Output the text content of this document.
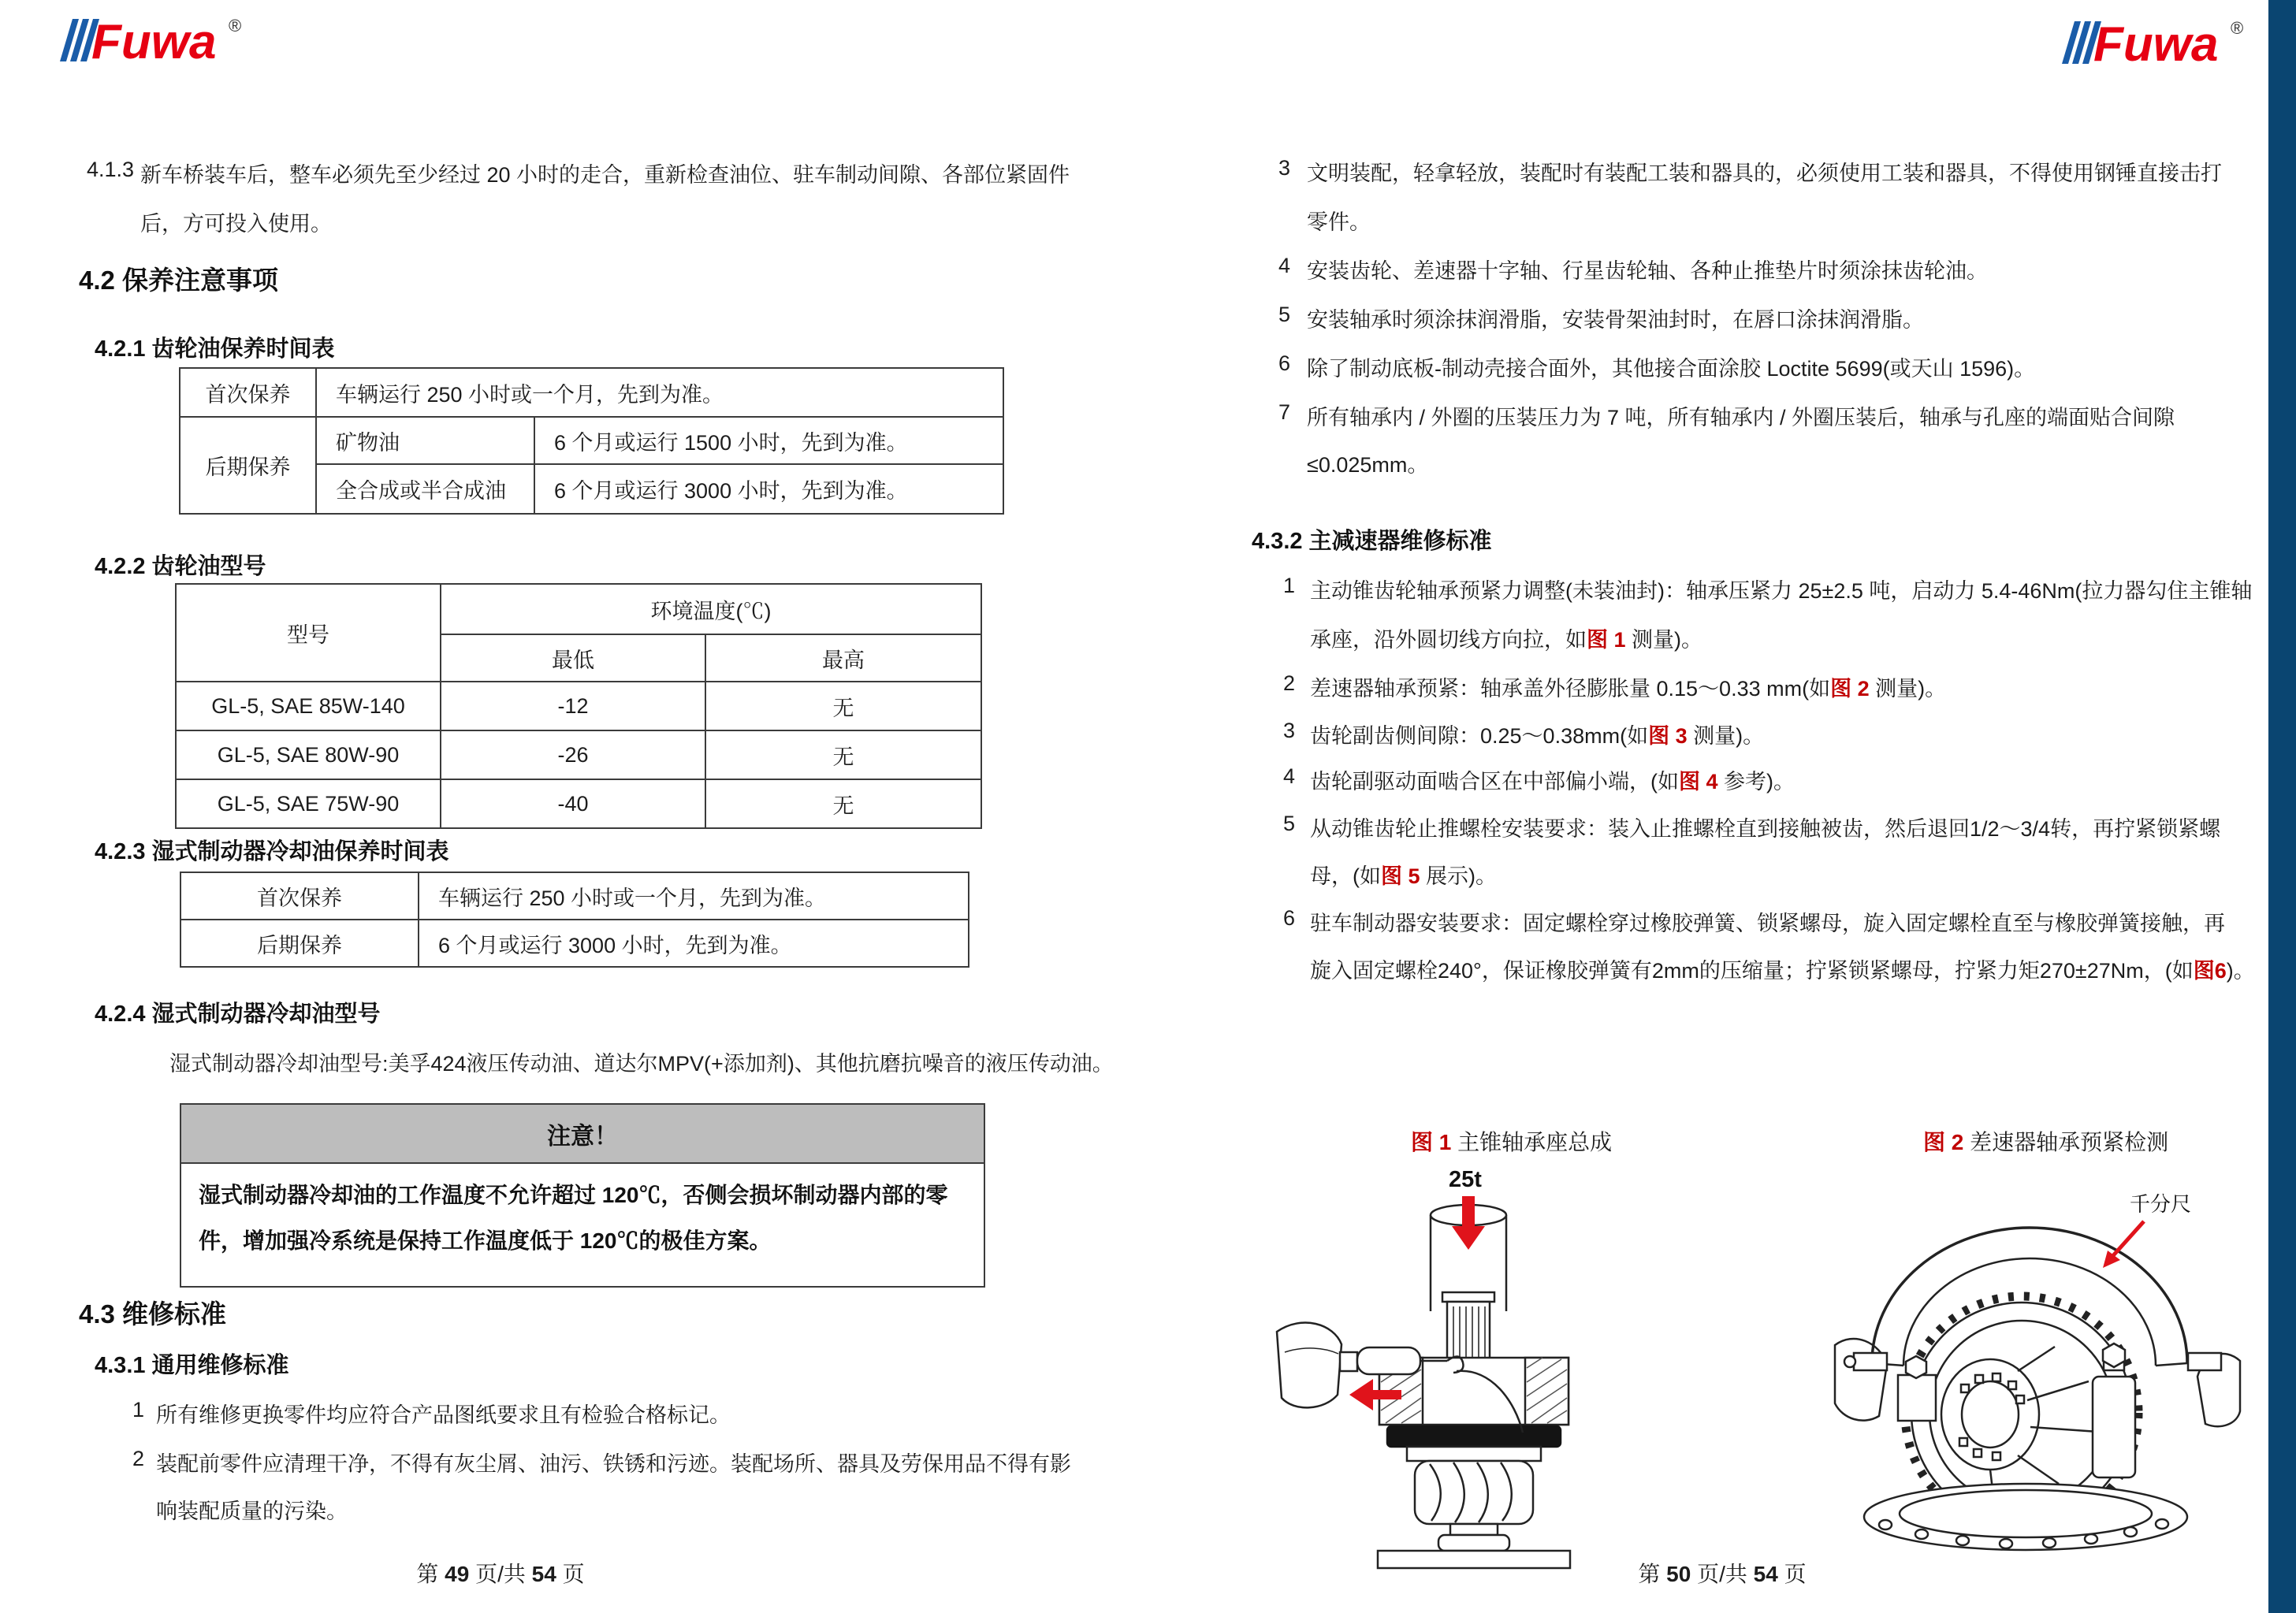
Fuwa ®	Fuwa ®
4.1.3 新车桥装车后，整车必须先至少经过 20 小时的走合，重新检查油位、驻车制动间隙、各部位紧固件
后，方可投入使用。
4.2 保养注意事项
4.2.1 齿轮油保养时间表
首次保养	车辆运行 250 小时或一个月，先到为准。	
后期保养	矿物油	6 个月或运行 1500 小时，先到为准。
	全合成或半合成油	6 个月或运行 3000 小时，先到为准。
4.2.2 齿轮油型号
型号	环境温度(℃)	
	最低	最高
GL-5, SAE 85W-140	-12	无
GL-5, SAE 80W-90	-26	无
GL-5, SAE 75W-90	-40	无
4.2.3 湿式制动器冷却油保养时间表
首次保养	车辆运行 250 小时或一个月，先到为准。
后期保养	6 个月或运行 3000 小时，先到为准。
4.2.4 湿式制动器冷却油型号
湿式制动器冷却油型号:美孚424液压传动油、道达尔MPV(+添加剂)、其他抗磨抗噪音的液压传动油。
注意！
湿式制动器冷却油的工作温度不允许超过 120℃，否侧会损坏制动器内部的零
件，增加强冷系统是保持工作温度低于 120℃的极佳方案。
4.3 维修标准
4.3.1 通用维修标准
1 所有维修更换零件均应符合产品图纸要求且有检验合格标记。
2 装配前零件应清理干净，不得有灰尘屑、油污、铁锈和污迹。装配场所、器具及劳保用品不得有影
响装配质量的污染。
第 49 页/共 54 页
3 文明装配，轻拿轻放，装配时有装配工装和器具的，必须使用工装和器具，不得使用钢锤直接击打
零件。
4 安装齿轮、差速器十字轴、行星齿轮轴、各种止推垫片时须涂抹齿轮油。
5 安装轴承时须涂抹润滑脂，安装骨架油封时，在唇口涂抹润滑脂。
6 除了制动底板-制动壳接合面外，其他接合面涂胶 Loctite 5699(或天山 1596)。
7 所有轴承内 / 外圈的压装压力为 7 吨，所有轴承内 / 外圈压装后，轴承与孔座的端面贴合间隙
≤0.025mm。
4.3.2 主减速器维修标准
1 主动锥齿轮轴承预紧力调整(未装油封)：轴承压紧力 25±2.5 吨，启动力 5.4-46Nm(拉力器勾住主锥轴
承座，沿外圆切线方向拉，如图 1 测量)。
2 差速器轴承预紧：轴承盖外径膨胀量 0.15～0.33 mm(如图 2 测量)。
3 齿轮副齿侧间隙：0.25～0.38mm(如图 3 测量)。
4 齿轮副驱动面啮合区在中部偏小端，(如图 4 参考)。
5 从动锥齿轮止推螺栓安装要求：装入止推螺栓直到接触被齿，然后退回1/2～3/4转，再拧紧锁紧螺
母，(如图 5 展示)。
6 驻车制动器安装要求：固定螺栓穿过橡胶弹簧、锁紧螺母，旋入固定螺栓直至与橡胶弹簧接触，再
旋入固定螺栓240°，保证橡胶弹簧有2mm的压缩量；拧紧锁紧螺母，拧紧力矩270±27Nm，(如图6)。
图 1 主锥轴承座总成	图 2 差速器轴承预紧检测
25t
千分尺
第 50 页/共 54 页
